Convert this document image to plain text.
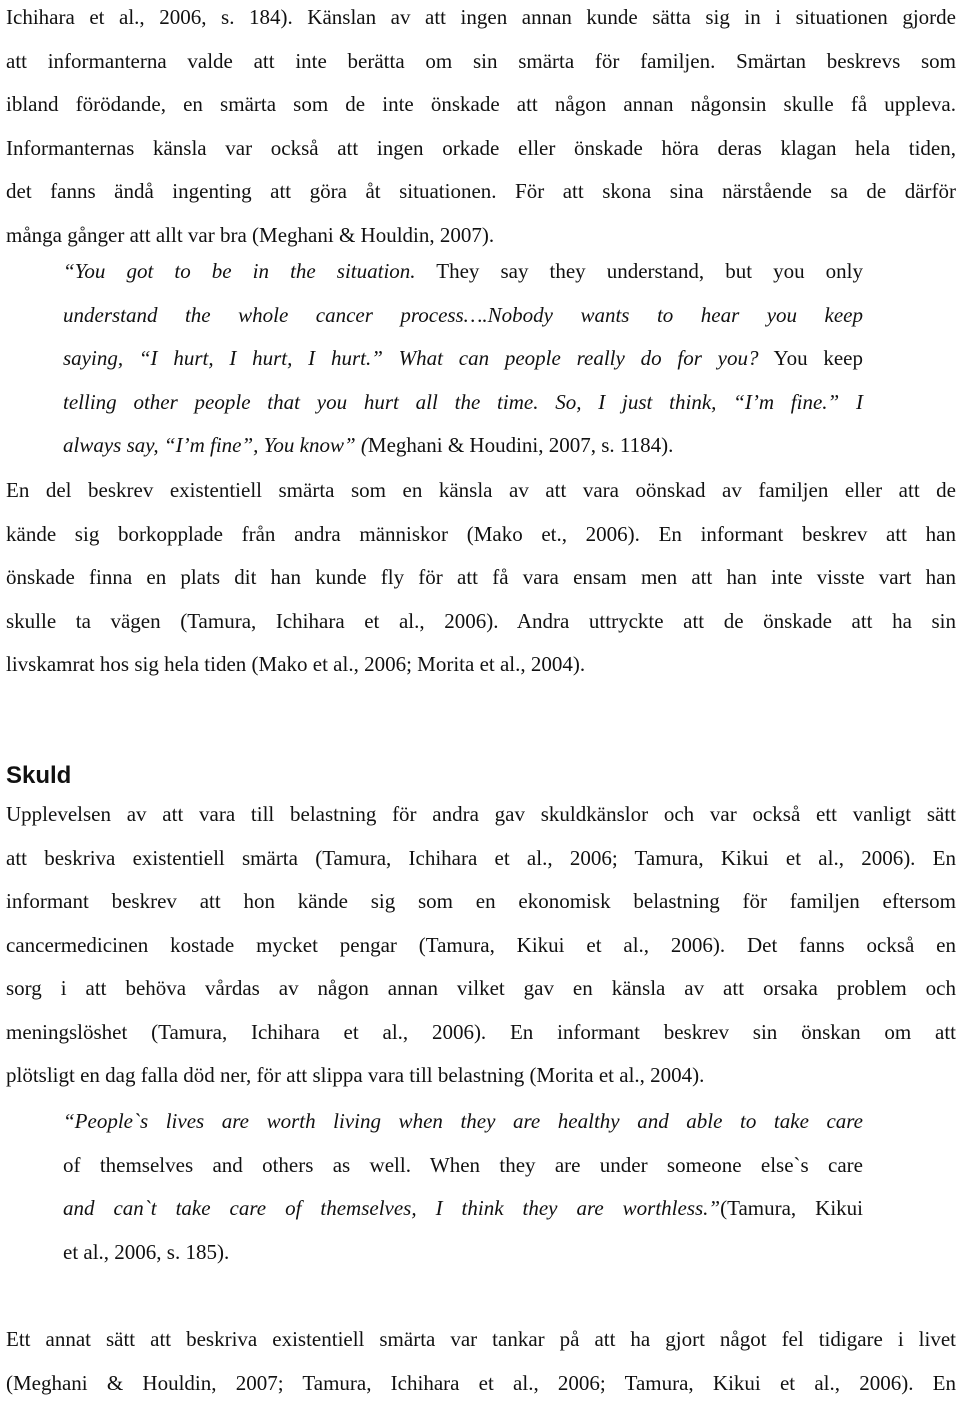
Ichihara et al., 2006, s. 184). Känslan av att ingen annan kunde sätta sig in i situationen gjorde
att informanterna valde att inte berätta om sin smärta för familjen. Smärtan beskrevs som
ibland förödande, en smärta som de inte önskade att någon annan någonsin skulle få uppleva.
Informanternas känsla var också att ingen orkade eller önskade höra deras klagan hela tiden,
det fanns ändå ingenting att göra åt situationen. För att skona sina närstående sa de därför
många gånger att allt var bra (Meghani & Houldin, 2007).

“You got to be in the situation. They say they understand, but you only
understand the whole cancer process….Nobody wants to hear you keep
saying, “I hurt, I hurt, I hurt.” What can people really do for you? You keep
telling other people that you hurt all the time. So, I just think, “I’m fine.” I
always say, “I’m fine”, You know” (Meghani & Houdini, 2007, s. 1184).

En del beskrev existentiell smärta som en känsla av att vara oönskad av familjen eller att de
kände sig borkopplade från andra människor (Mako et., 2006). En informant beskrev att han
önskade finna en plats dit han kunde fly för att få vara ensam men att han inte visste vart han
skulle ta vägen (Tamura, Ichihara et al., 2006). Andra uttryckte att de önskade att ha sin
livskamrat hos sig hela tiden (Mako et al., 2006; Morita et al., 2004).

Skuld

Upplevelsen av att vara till belastning för andra gav skuldkänslor och var också ett vanligt sätt
att beskriva existentiell smärta (Tamura, Ichihara et al., 2006; Tamura, Kikui et al., 2006). En
informant beskrev att hon kände sig som en ekonomisk belastning för familjen eftersom
cancermedicinen kostade mycket pengar (Tamura, Kikui et al., 2006). Det fanns också en
sorg i att behöva vårdas av någon annan vilket gav en känsla av att orsaka problem och
meningslöshet (Tamura, Ichihara et al., 2006). En informant beskrev sin önskan om att
plötsligt en dag falla död ner, för att slippa vara till belastning (Morita et al., 2004).

“People`s lives are worth living when they are healthy and able to take care
of themselves and others as well. When they are under someone else`s care
and can`t take care of themselves, I think they are worthless.”(Tamura, Kikui
et al., 2006, s. 185).

Ett annat sätt att beskriva existentiell smärta var tankar på att ha gjort något fel tidigare i livet
(Meghani & Houldin, 2007; Tamura, Ichihara et al., 2006; Tamura, Kikui et al., 2006). En
